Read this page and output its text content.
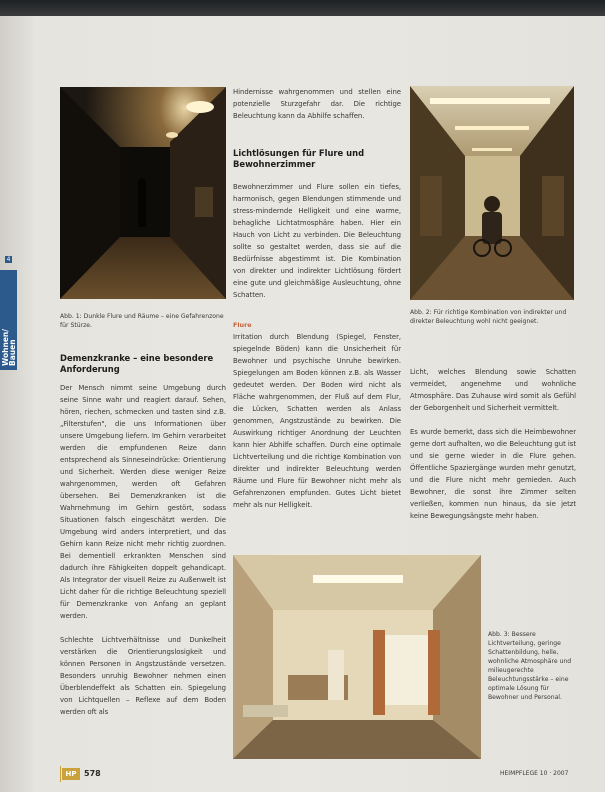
4
Wohnen/
Bauen
Abb. 1: Dunkle Flure und Räume – eine Gefahrenzone für Stürze.
Abb. 2: Für richtige Kombination von indirekter und direkter Beleuchtung wohl nicht geeignet.
Abb. 3: Bessere Lichtverteilung, geringe Schattenbildung, helle, wohnliche Atmosphäre und milieugerechte Beleuchtungsstärke – eine optimale Lösung für Bewohner und Personal.
Demenzkranke – eine besondere Anforderung

Der Mensch nimmt seine Umgebung durch seine Sinne wahr und reagiert darauf. Sehen, hören, riechen, schmecken und tasten sind z.B. „Filterstufen", die uns Informationen über unsere Umgebung liefern. Im Gehirn verarbeitet werden die empfundenen Reize dann entsprechend als Sinneseindrücke: Orientierung und Sicherheit. Werden diese weniger Reize wahrgenommen, werden oft Gefahren übersehen. Bei Demenzkranken ist die Wahrnehmung im Gehirn gestört, sodass Situationen falsch eingeschätzt werden. Die Umgebung wird anders interpretiert, und das Gehirn kann Reize nicht mehr richtig zuordnen. Bei dementiell erkrankten Menschen sind dadurch ihre Fähigkeiten doppelt gehandicapt. Als Integrator der visuell Reize zu Außenwelt ist Licht daher für die richtige Beleuchtung speziell für Demenzkranke von Anfang an geplant werden.

Schlechte Lichtverhältnisse und Dunkelheit verstärken die Orientierungslosigkeit und können Personen in Angstzustände versetzen. Besonders unruhig Bewohner nehmen einen Überblendeffekt als Schatten ein. Spiegelung von Lichtquellen – Reflexe auf dem Boden werden oft als

Hindernisse wahrgenommen und stellen eine potenzielle Sturzgefahr dar. Die richtige Beleuchtung kann da Abhilfe schaffen.
Lichtlösungen für Flure und Bewohnerzimmer

Bewohnerzimmer und Flure sollen ein tiefes, harmonisch, gegen Blendungen stimmende und stress-mindernde Helligkeit und eine warme, behagliche Lichtatmosphäre haben. Hier ein Hauch von Licht zu verbinden. Die Beleuchtung sollte so gestaltet werden, dass sie auf die Bedürfnisse abgestimmt ist. Die Kombination von direkter und indirekter Lichtlösung fördert eine gute und gleichmäßige Ausleuchtung, ohne Schatten.

Flure

Irritation durch Blendung (Spiegel, Fenster, spiegelnde Böden) kann die Unsicherheit für Bewohner und psychische Unruhe bewirken. Spiegelungen am Boden können z.B. als Wasser gedeutet werden. Der Boden wird nicht als Fläche wahrgenommen, der Fluß auf dem Flur, die Lücken, Schatten werden als Anlass genommen, Angstzustände zu bewirken. Die Auswirkung richtiger Anordnung der Leuchten kann hier Abhilfe schaffen. Durch eine optimale Lichtverteilung und die richtige Kombination von direkter und indirekter Beleuchtung werden Räume und Flure für Bewohner nicht mehr als Gefahrenzonen empfunden. Gutes Licht bietet mehr als nur Helligkeit.

Licht, welches Blendung sowie Schatten vermeidet, angenehme und wohnliche Atmosphäre. Das Zuhause wird somit als Gefühl der Geborgenheit und Sicherheit vermittelt.

Es wurde bemerkt, dass sich die Heimbewohner gerne dort aufhalten, wo die Beleuchtung gut ist und sie gerne wieder in die Flure gehen. Öffentliche Spaziergänge wurden mehr genutzt, und die Flure nicht mehr gemieden. Auch Bewohner, die sonst ihre Zimmer selten verließen, kommen nun hinaus, da sie jetzt keine Bewegungsängste mehr haben.

HP 578	HEIMPFLEGE 10 · 2007
